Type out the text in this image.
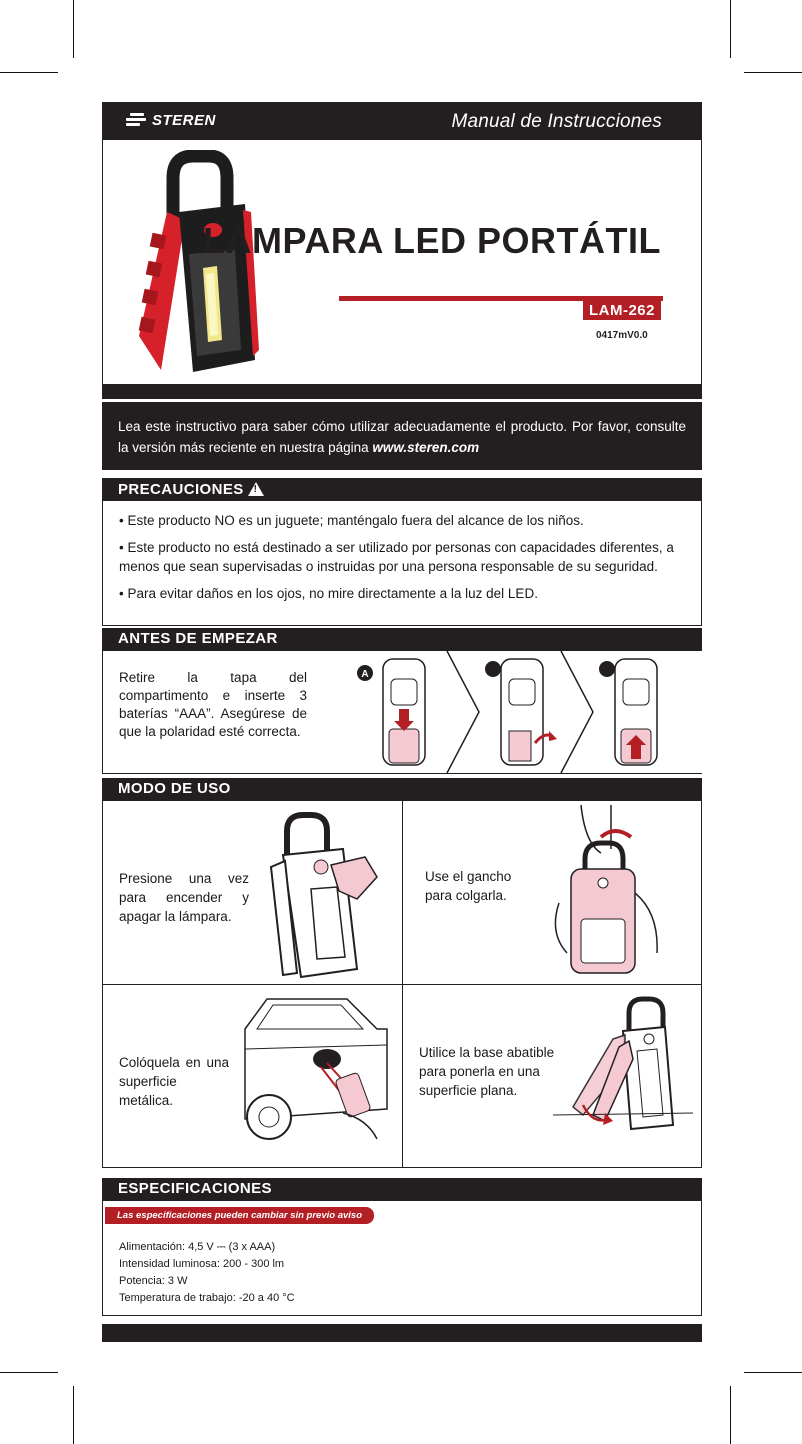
STEREN	Manual de Instrucciones
LÁMPARA LED PORTÁTIL
LAM-262
0417mV0.0
Lea este instructivo para saber cómo utilizar adecuadamente el producto. Por favor, consulte la versión más reciente en nuestra página www.steren.com
PRECAUCIONES!

• Este producto NO es un juguete; manténgalo fuera del alcance de los niños.

• Este producto no está destinado a ser utilizado por personas con capacidades diferentes, a menos que sean supervisadas o instruidas por una persona responsable de su seguridad.

• Para evitar daños en los ojos, no mire directamente a la luz del LED.

ANTES DE EMPEZAR
Retire la tapa del compartimento e inserte 3 baterías “AAA”. Asegúrese de que la polaridad esté correcta.
A
MODO DE USO
Presione una vez para encender y apagar la lámpara.
Use el gancho para colgarla.
Colóquela en una superficie metálica.
Utilice la base abatible para ponerla en una superficie plana.
ESPECIFICACIONES
Las especificaciones pueden cambiar sin previo aviso
Alimentación: 4,5 V ⎓ (3 x AAA)
Intensidad luminosa: 200 - 300 lm
Potencia: 3 W
Temperatura de trabajo: -20 a 40 °C
